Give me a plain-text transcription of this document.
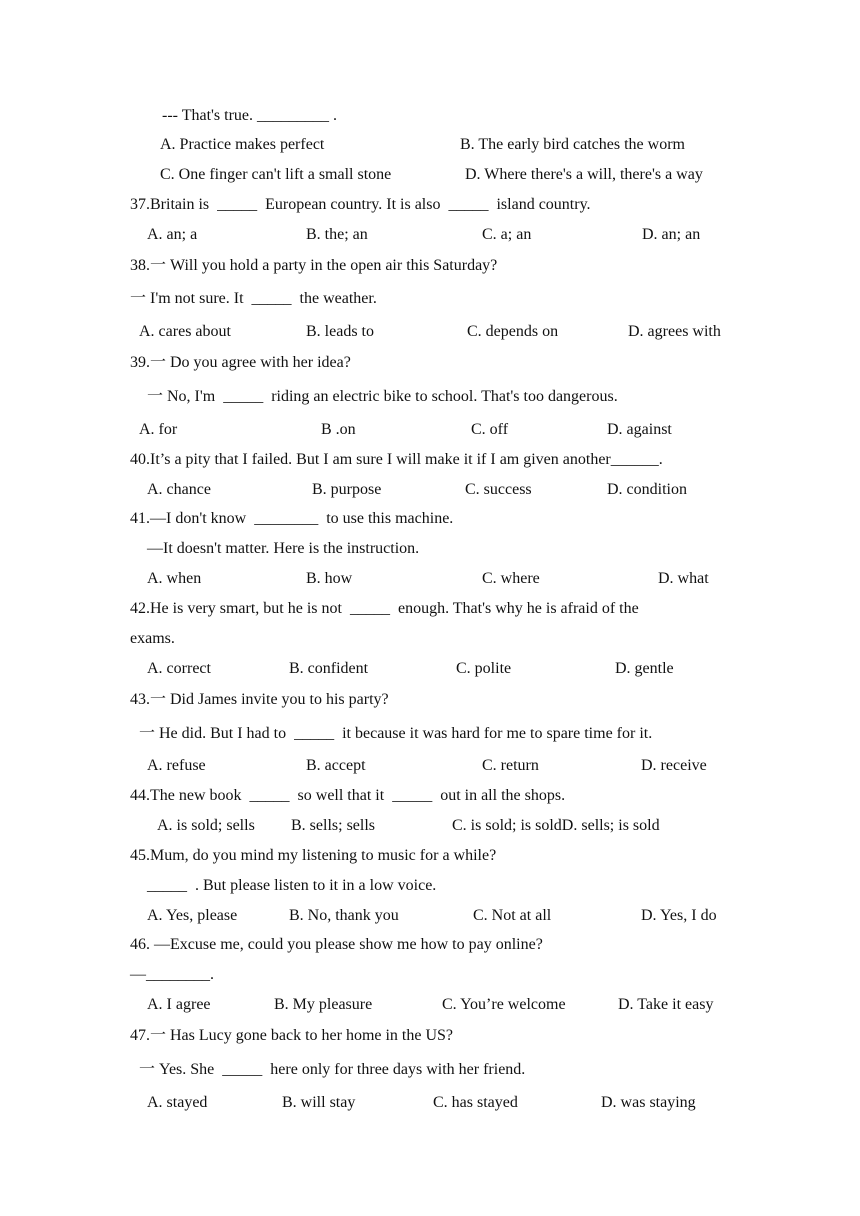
--- That's true. _________ .
A. Practice makes perfect	B. The early bird catches the worm
C. One finger can't lift a small stone	D. Where there's a will, there's a way
37.Britain is  _____  European country. It is also  _____  island country.
A. an; a	B. the; an	C. a; an	D. an; an
38.一 Will you hold a party in the open air this Saturday?
一 I'm not sure. It  _____  the weather.
A. cares about	B. leads to	C. depends on	D. agrees with
39.一 Do you agree with her idea?
一 No, I'm  _____  riding an electric bike to school. That's too dangerous.
A. for	B .on	C. off	D. against
40.It’s a pity that I failed. But I am sure I will make it if I am given another______.
A. chance	B. purpose	C. success	D. condition
41.—I don't know  ________  to use this machine.
—It doesn't matter. Here is the instruction.
A. when	B. how	C. where	D. what
42.He is very smart, but he is not  _____  enough. That's why he is afraid of the
exams.
A. correct	B. confident	C. polite	D. gentle
43.一 Did James invite you to his party?
一 He did. But I had to  _____  it because it was hard for me to spare time for it.
A. refuse	B. accept	C. return	D. receive
44.The new book  _____  so well that it  _____  out in all the shops.
A. is sold; sells B. sells; sells	C. is sold; is soldD. sells; is sold
45.Mum, do you mind my listening to music for a while?
_____  . But please listen to it in a low voice.
A. Yes, please	B. No, thank you	C. Not at all	D. Yes, I do
46. —Excuse me, could you please show me how to pay online?
—________.
A. I agree	B. My pleasure	C. You’re welcome	D. Take it easy
47.一 Has Lucy gone back to her home in the US?
一 Yes. She  _____  here only for three days with her friend.
A. stayed	B. will stay	C. has stayed	D. was staying
